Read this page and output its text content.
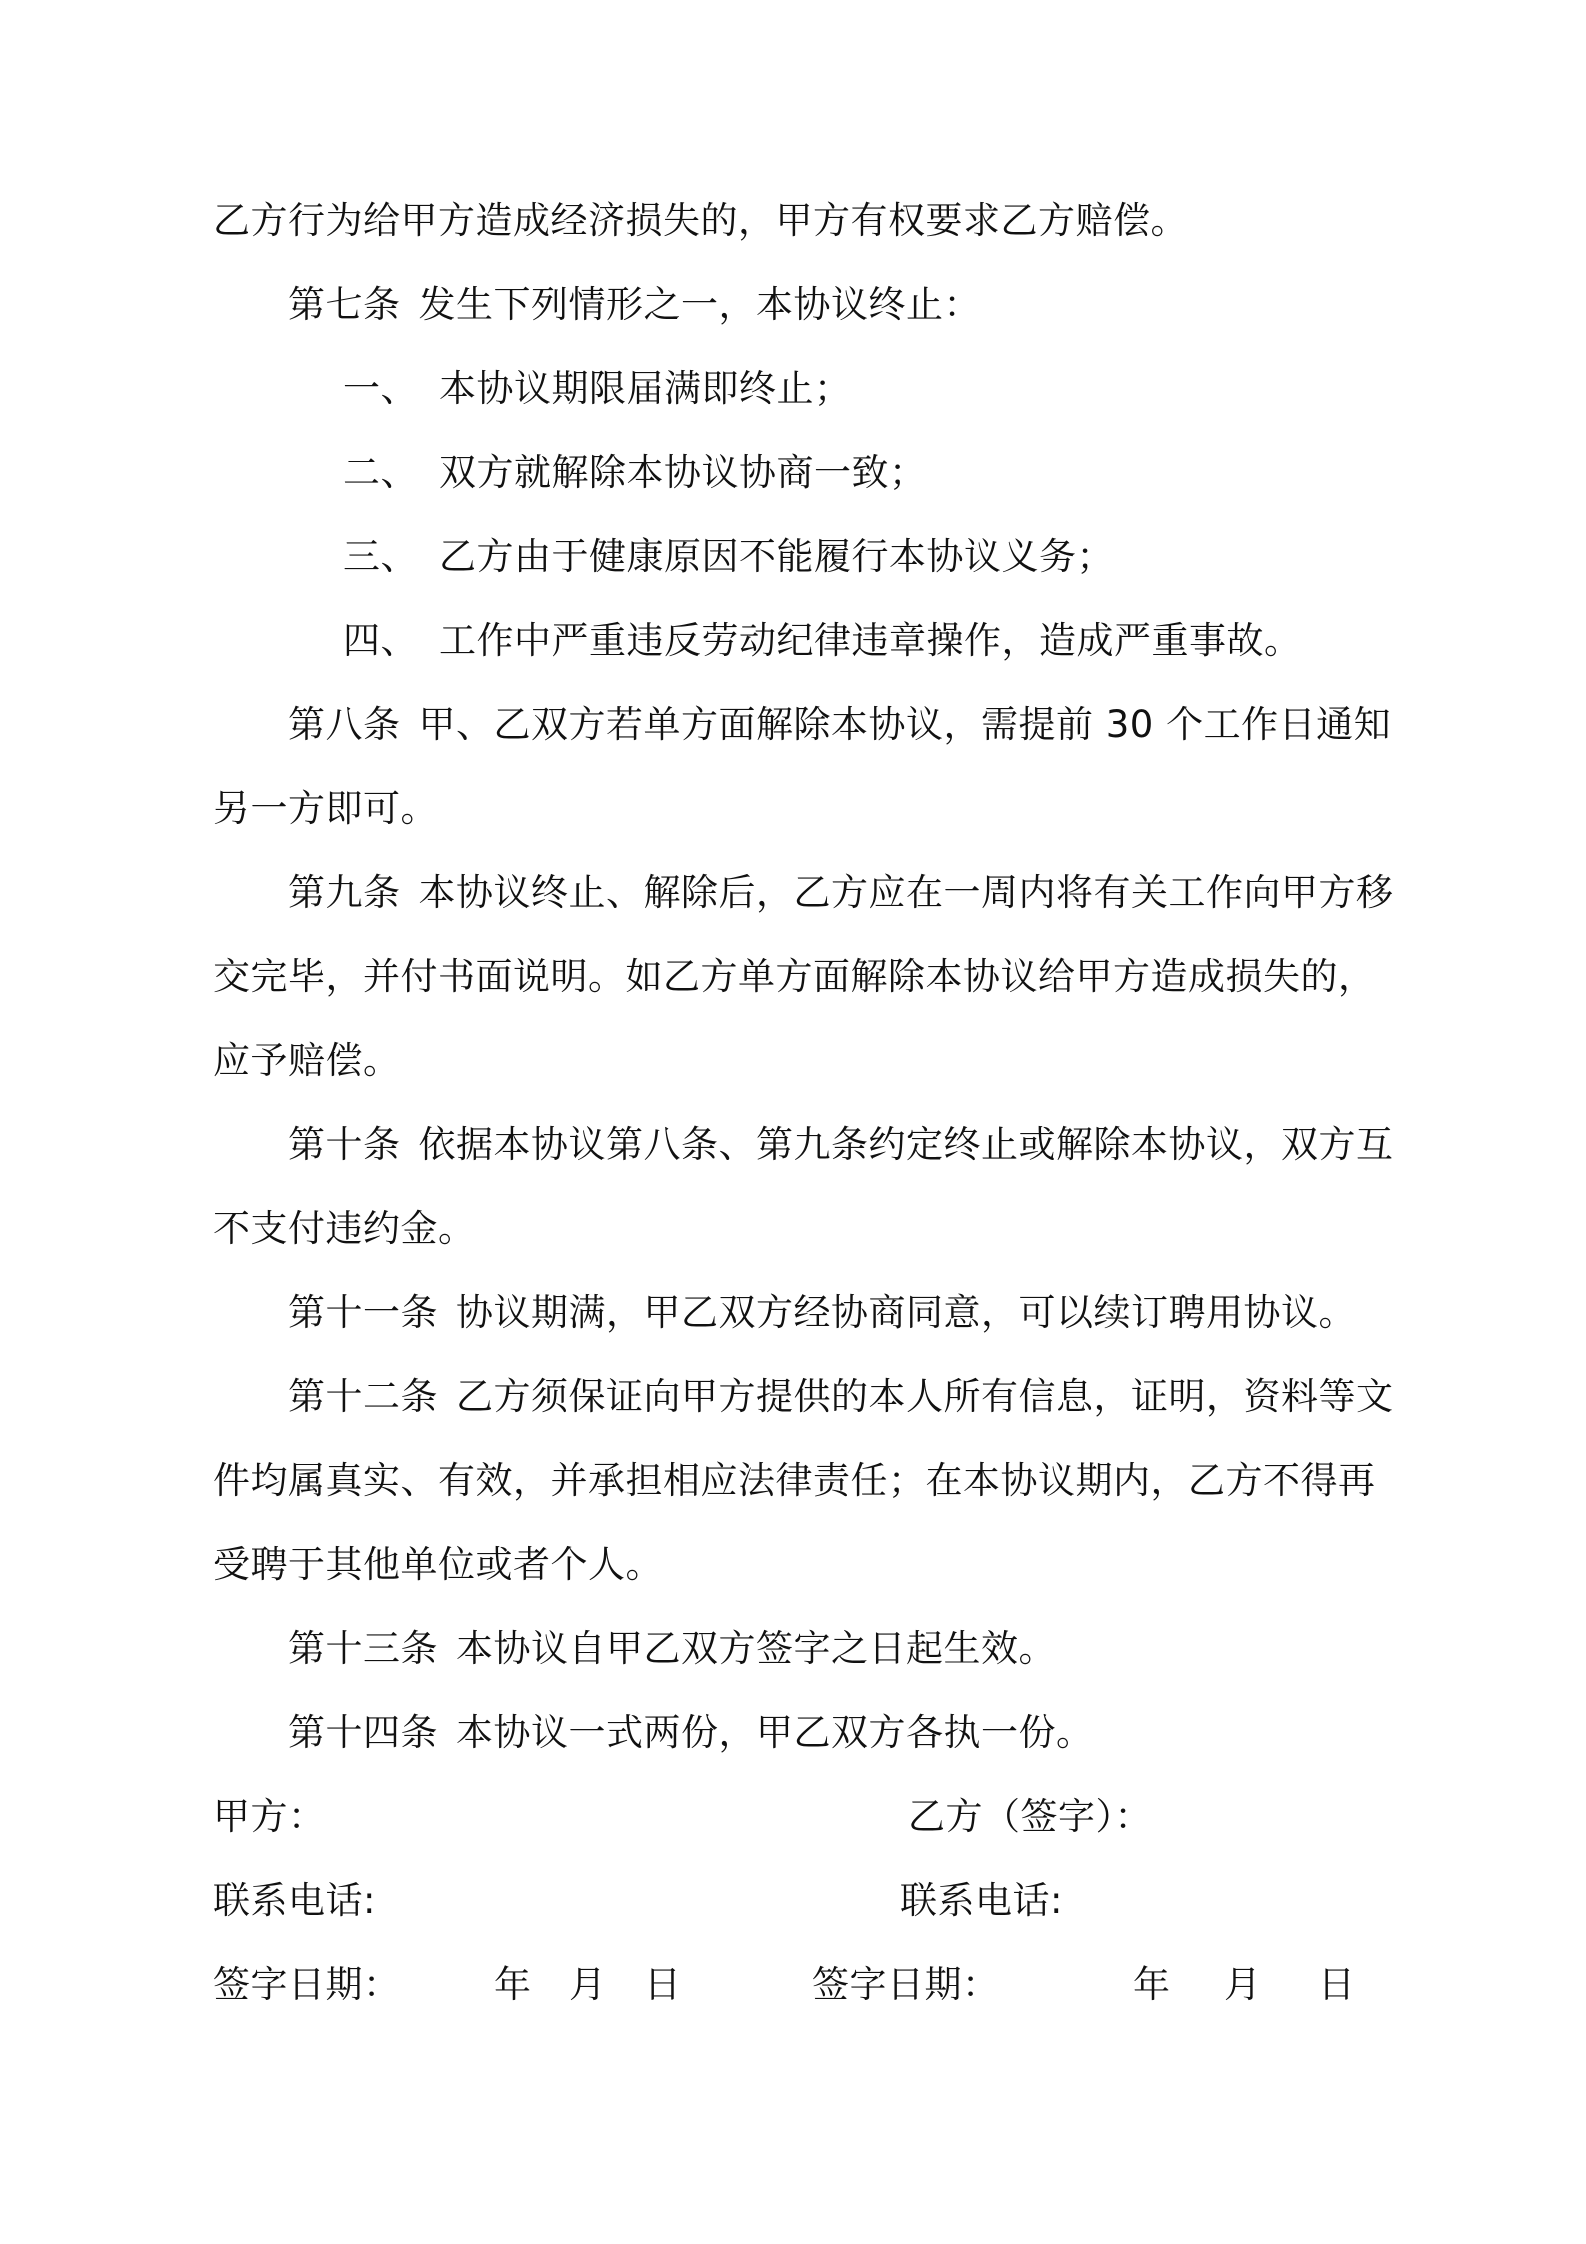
乙方行为给甲方造成经济损失的，甲方有权要求乙方赔偿。
第七条 发生下列情形之一，本协议终止：
一、 本协议期限届满即终止；
二、 双方就解除本协议协商一致；
三、 乙方由于健康原因不能履行本协议义务；
四、 工作中严重违反劳动纪律违章操作，造成严重事故。
第八条 甲、乙双方若单方面解除本协议，需提前 30 个工作日通知
另一方即可。
第九条 本协议终止、解除后，乙方应在一周内将有关工作向甲方移
交完毕，并付书面说明。如乙方单方面解除本协议给甲方造成损失的，
应予赔偿。
第十条 依据本协议第八条、第九条约定终止或解除本协议，双方互
不支付违约金。
第十一条 协议期满，甲乙双方经协商同意，可以续订聘用协议。
第十二条 乙方须保证向甲方提供的本人所有信息，证明，资料等文
件均属真实、有效，并承担相应法律责任；在本协议期内，乙方不得再
受聘于其他单位或者个人。
第十三条 本协议自甲乙双方签字之日起生效。
第十四条 本协议一式两份，甲乙双方各执一份。
甲方：	乙方（签字）：
联系电话:	联系电话:
签字日期：	年 月 日	签字日期：	年 月 日
